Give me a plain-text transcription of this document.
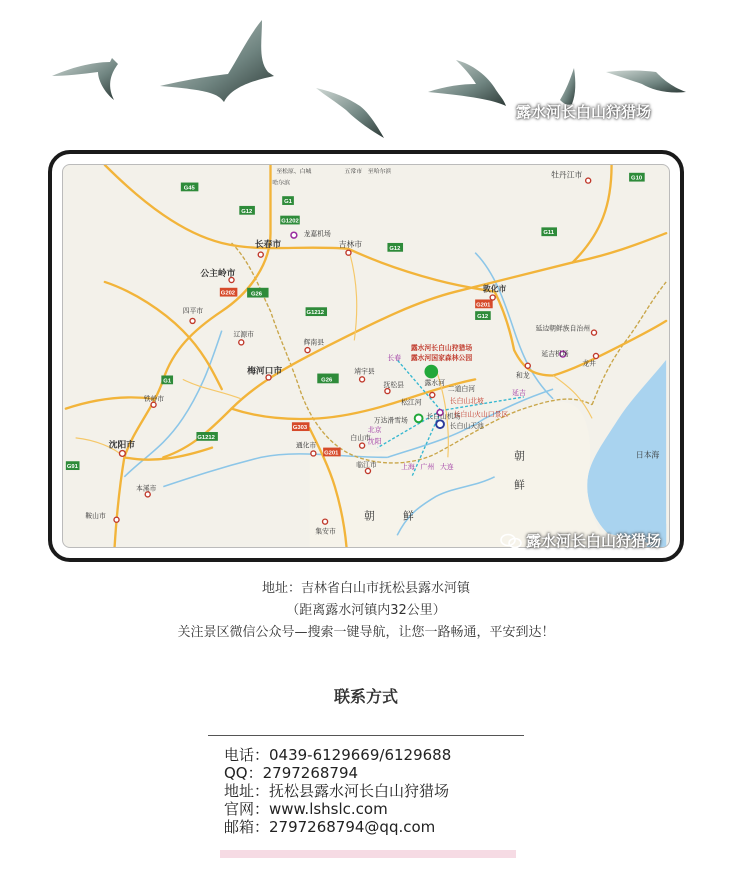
露水河长白山狩猎场
G45
G1
G12
G1202
G12
G11
G10
G26
G1212
G201
G12
G26
G1
G1212
G303
G201
G91
G202
牡丹江市
长春市	吉林市
龙嘉机场
敦化市
公主岭市
四平市
辽源市
辉南县
梅河口市
铁岭市
沈阳市
本溪市
鞍山市
通化市
白山市
临江市
集安市
抚松县
靖宇县
松江河
万达滑雪场
延边朝鲜族自治州
延吉机场
龙井
和龙
露水河
二道白河
长白山北坡
长白山机场
长白山天池
长白山火山口景区
露水河长白山狩猎场
露水河国家森林公园
朝
鲜
朝	鲜
日本海
长春
延吉
北京
沈阳
上海 广州 大连
至松原、白城	五常市 至哈尔滨
哈尔滨
露水河长白山狩猎场
地址：吉林省白山市抚松县露水河镇
（距离露水河镇内32公里）
关注景区微信公众号—搜索一键导航，让您一路畅通，平安到达！
联系方式
电话：0439-6129669/6129688
QQ：2797268794
地址：抚松县露水河长白山狩猎场
官网：www.lshslc.com
邮箱：2797268794@qq.com
